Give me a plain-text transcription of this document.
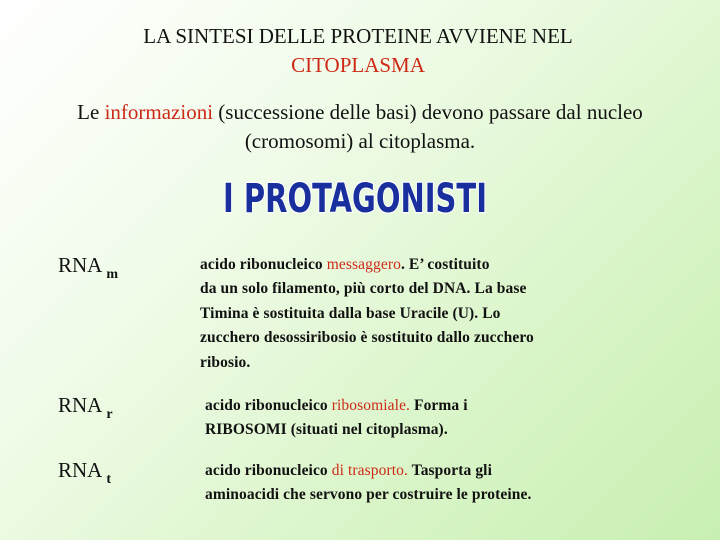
LA SINTESI DELLE PROTEINE AVVIENE NEL
CITOPLASMA
Le informazioni (successione delle basi) devono passare dal nucleo
(cromosomi) al citoplasma.
I PROTAGONISTI
RNA $_m$
acido ribonucleico messaggero. E’ costituito
da un solo filamento, più corto del DNA. La base
Timina è sostituita dalla base Uracile (U). Lo
zucchero desossiribosio è sostituito dallo zucchero
ribosio.
RNA $_r$
acido ribonucleico ribosomiale. Forma i
RIBOSOMI (situati nel citoplasma).
RNA $_t$
acido ribonucleico di trasporto. Tasporta gli
aminoacidi che servono per costruire le proteine.
